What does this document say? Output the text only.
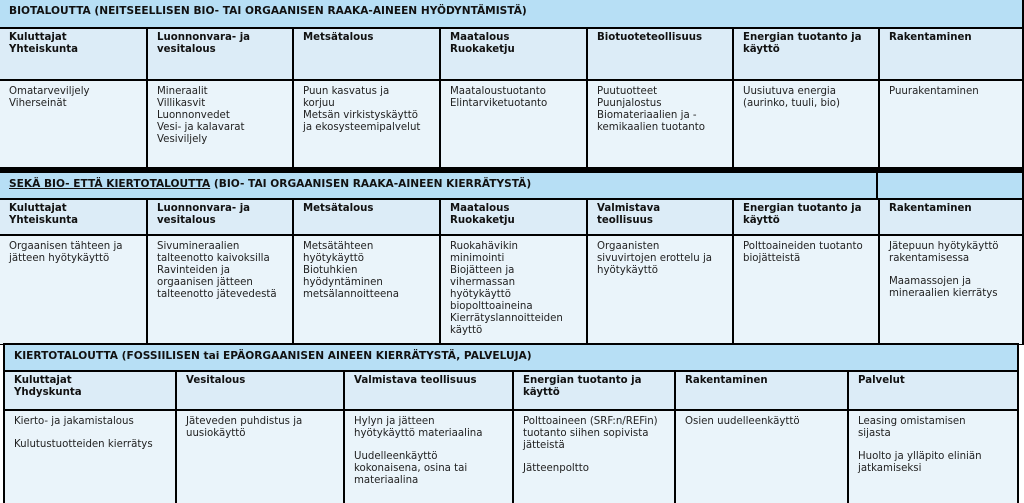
BIOTALOUTTA (NEITSEELLISEN BIO- TAI ORGAANISEN RAAKA-AINEEN HYÖDYNTÄMISTÄ)
Kuluttajat
Yhteiskunta
Omatarveviljely
Viherseinät
Luonnonvara- ja
vesitalous
Mineraalit
Villikasvit
Luonnonvedet
Vesi- ja kalavarat
Vesiviljely
Metsätalous
Puun kasvatus ja
korjuu
Metsän virkistyskäyttö
ja ekosysteemipalvelut
Maatalous
Ruokaketju
Maataloustuotanto
Elintarviketuotanto
Biotuoteteollisuus
Puutuotteet
Puunjalostus
Biomateriaalien ja -
kemikaalien tuotanto
Energian tuotanto ja
käyttö
Uusiutuva energia
(aurinko, tuuli, bio)
Rakentaminen
Puurakentaminen
SEKÄ BIO- ETTÄ KIERTOTALOUTTA (BIO- TAI ORGAANISEN RAAKA-AINEEN KIERRÄTYSTÄ)
Kuluttajat
Yhteiskunta
Orgaanisen tähteen ja
jätteen hyötykäyttö
Luonnonvara- ja
vesitalous
Sivumineraalien
talteenotto kaivoksilla
Ravinteiden ja
orgaanisen jätteen
talteenotto jätevedestä
Metsätalous
Metsätähteen
hyötykäyttö
Biotuhkien
hyödyntäminen
metsälannoitteena
Maatalous
Ruokaketju
Ruokahävikin
minimointi
Biojätteen ja
vihermassan
hyötykäyttö
biopolttoaineina
Kierrätyslannoitteiden
käyttö
Valmistava
teollisuus
Orgaanisten
sivuvirtojen erottelu ja
hyötykäyttö
Energian tuotanto ja
käyttö
Polttoaineiden tuotanto
biojätteistä
Rakentaminen
Jätepuun hyötykäyttö
rakentamisessa
Maamassojen ja
mineraalien kierrätys
KIERTOTALOUTTA (FOSSIILISEN tai EPÄORGAANISEN AINEEN KIERRÄTYSTÄ, PALVELUJA)
Kuluttajat
Yhdyskunta
Kierto- ja jakamistalous
Kulutustuotteiden kierrätys
Vesitalous
Jäteveden puhdistus ja
uusiokäyttö
Valmistava teollisuus
Hylyn ja jätteen
hyötykäyttö materiaalina
Uudelleenkäyttö
kokonaisena, osina tai
materiaalina
Energian tuotanto ja
käyttö
Polttoaineen (SRF:n/REFin)
tuotanto siihen sopivista
jätteistä
Jätteenpoltto
Rakentaminen
Osien uudelleenkäyttö
Palvelut
Leasing omistamisen
sijasta
Huolto ja ylläpito eliniän
jatkamiseksi
